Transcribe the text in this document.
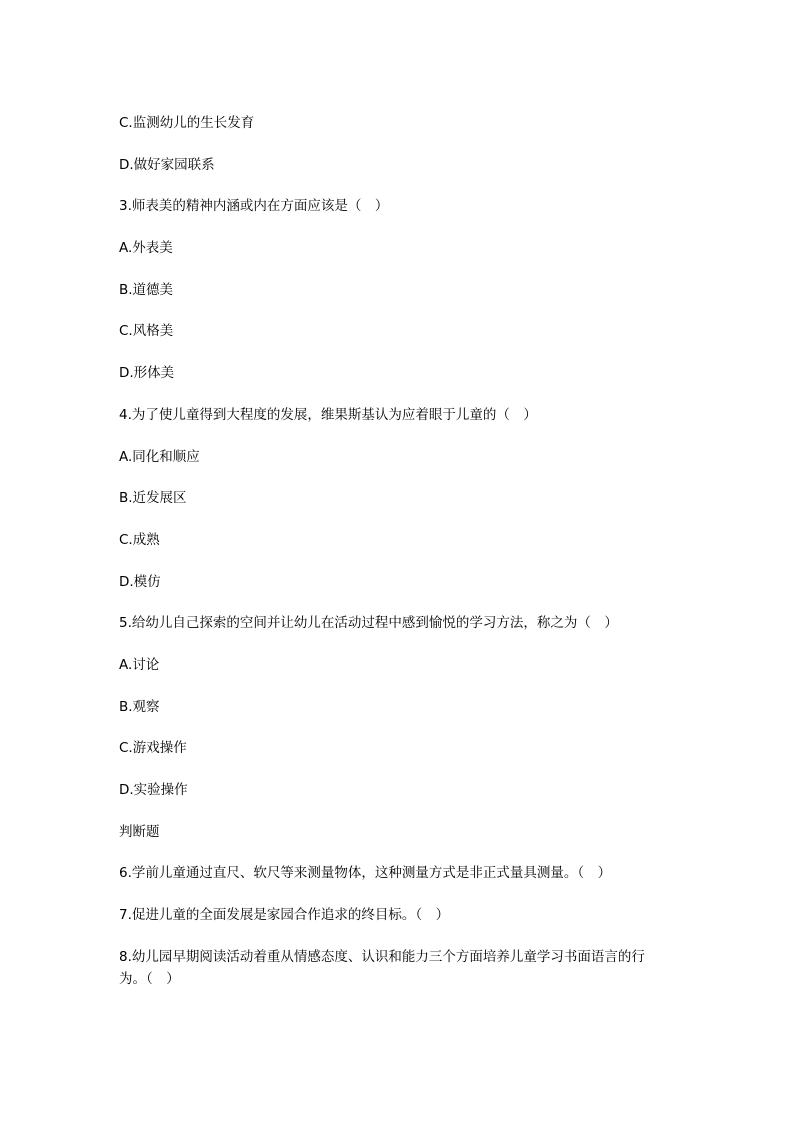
C.监测幼儿的生长发育
D.做好家园联系
3.师表美的精神内涵或内在方面应该是（　）
A.外表美
B.道德美
C.风格美
D.形体美
4.为了使儿童得到大程度的发展，维果斯基认为应着眼于儿童的（　）
A.同化和顺应
B.近发展区
C.成熟
D.模仿
5.给幼儿自己探索的空间并让幼儿在活动过程中感到愉悦的学习方法，称之为（　）
A.讨论
B.观察
C.游戏操作
D.实验操作
判断题
6.学前儿童通过直尺、软尺等来测量物体，这种测量方式是非正式量具测量。（　）
7.促进儿童的全面发展是家园合作追求的终目标。（　）
8.幼儿园早期阅读活动着重从情感态度、认识和能力三个方面培养儿童学习书面语言的行
为。（　）
